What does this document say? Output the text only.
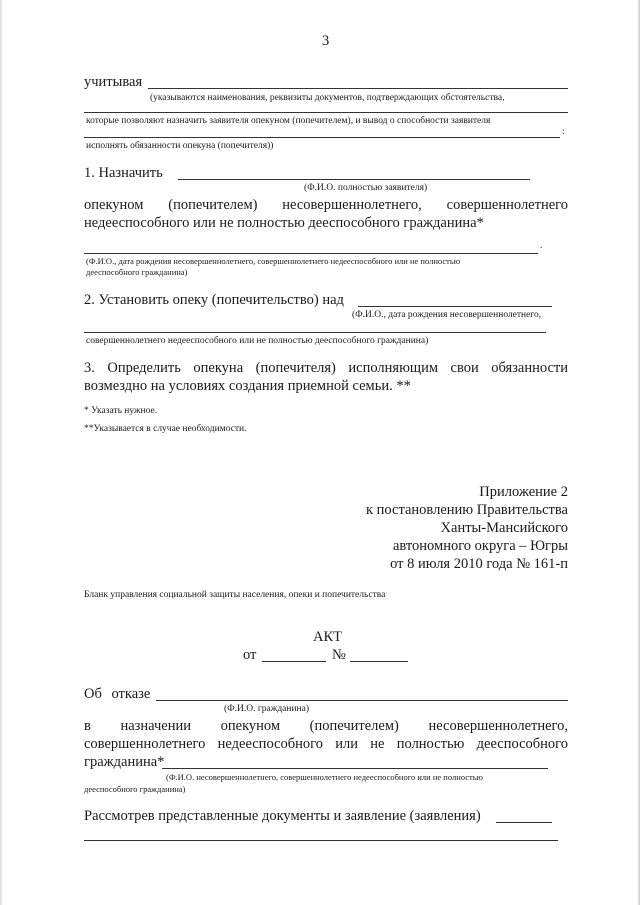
3
учитывая
(указываются наименования, реквизиты документов, подтверждающих обстоятельства,
которые позволяют назначить заявителя опекуном (попечителем), и вывод о способности заявителя
:
исполнять обязанности опекуна (попечителя))
1. Назначить
(Ф.И.О. полностью заявителя)
опекуном (попечителем) несовершеннолетнего, совершеннолетнего
недееспособного или не полностью дееспособного гражданина*
.
(Ф.И.О., дата рождения несовершеннолетнего, совершеннолетнего недееспособного или не полностью
дееспособного гражданина)
2. Установить опеку (попечительство) над
(Ф.И.О., дата рождения несовершеннолетнего,
совершеннолетнего недееспособного или не полностью дееспособного гражданина)
3. Определить опекуна (попечителя) исполняющим свои обязанности
возмездно на условиях создания приемной семьи. **
* Указать нужное.
**Указывается в случае необходимости.
Приложение 2
к постановлению Правительства
Ханты-Мансийского
автономного округа – Югры
от 8 июля 2010 года № 161-п
Бланк управления социальной защиты населения, опеки и попечительства
АКТ
от	№
Об отказе
(Ф.И.О. гражданина)
в назначении опекуном (попечителем) несовершеннолетнего,
совершеннолетнего недееспособного или не полностью дееспособного
гражданина*
(Ф.И.О. несовершеннолетнего, совершеннолетнего недееспособного или не полностью
дееспособного гражданина)
Рассмотрев представленные документы и заявление (заявления)
